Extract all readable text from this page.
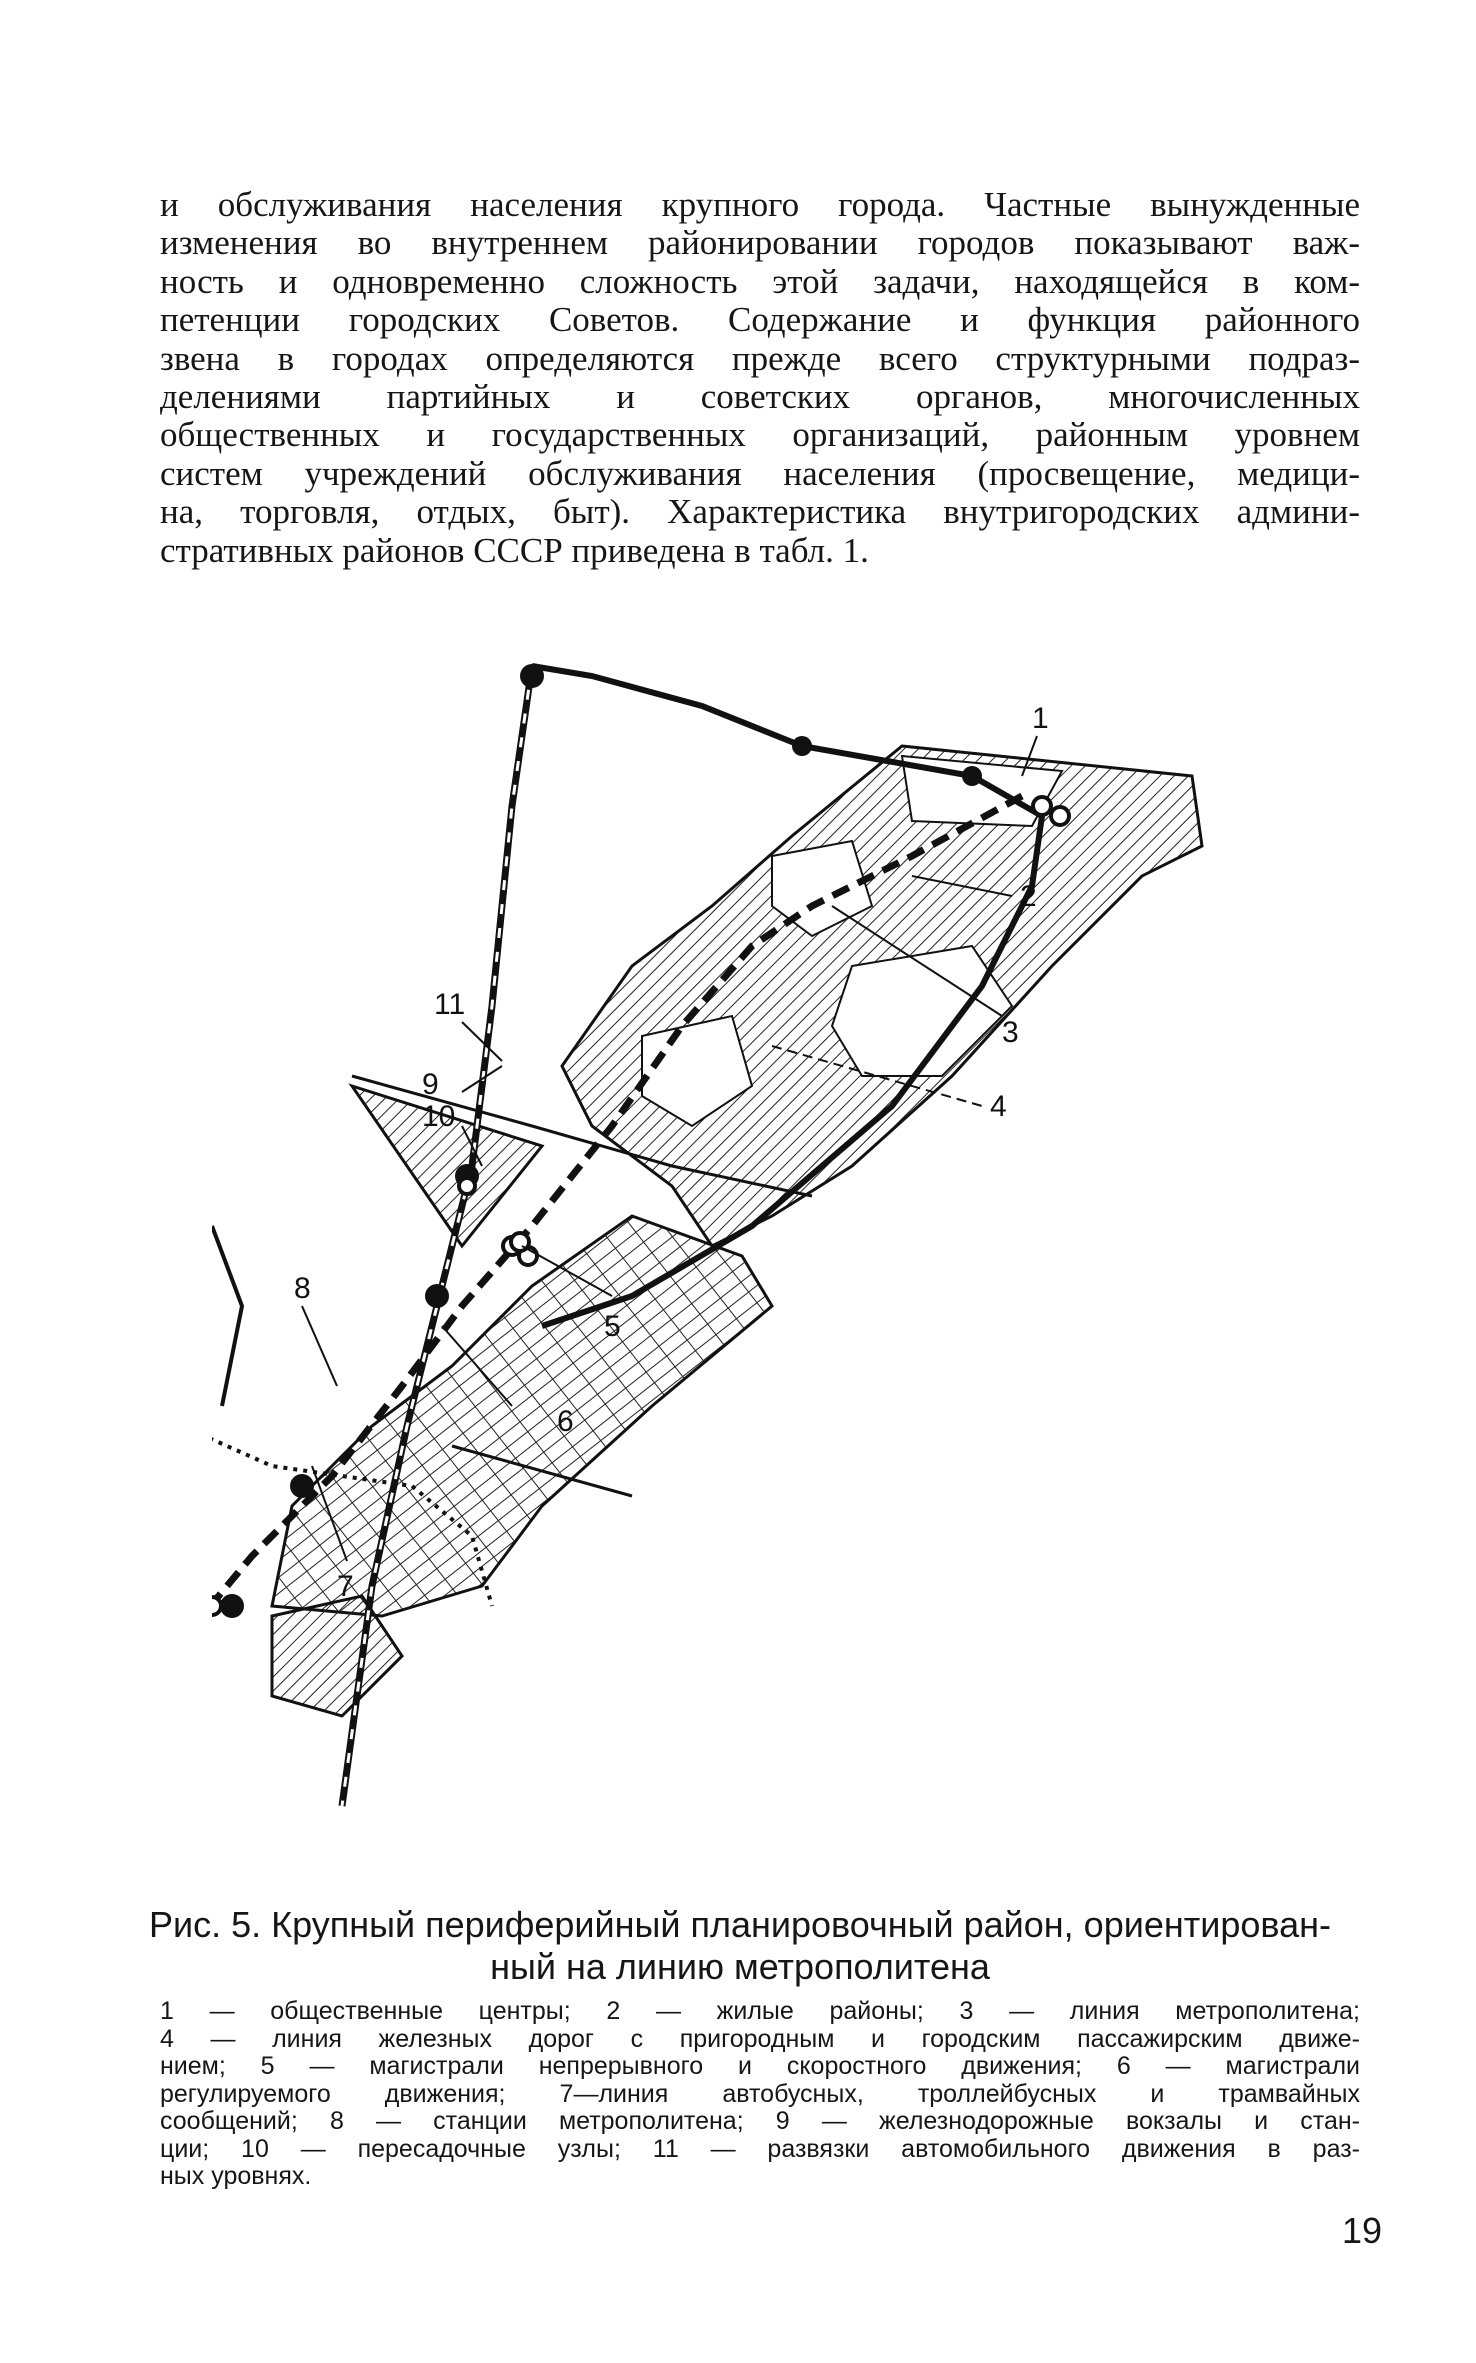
и обслуживания населения крупного города. Частные вынужденные
изменения во внутреннем районировании городов показывают важ-
ность и одновременно сложность этой задачи, находящейся в ком-
петенции городских Советов. Содержание и функция районного
звена в городах определяются прежде всего структурными подраз-
делениями партийных и советских органов, многочисленных
общественных и государственных организаций, районным уровнем
систем учреждений обслуживания населения (просвещение, медици-
на, торговля, отдых, быт). Характеристика внутригородских админи-
стративных районов СССР приведена в табл. 1.
1
2
3
4
5
6
7
8
9
10
11
Рис. 5. Крупный периферийный планировочный район, ориентирован-
ный на линию метрополитена
1 — общественные центры; 2 — жилые районы; 3 — линия метрополитена;
4 — линия железных дорог с пригородным и городским пассажирским движе-
нием; 5 — магистрали непрерывного и скоростного движения; 6 — магистрали
регулируемого движения; 7—линия автобусных, троллейбусных и трамвайных
сообщений; 8 — станции метрополитена; 9 — железнодорожные вокзалы и стан-
ции; 10 — пересадочные узлы; 11 — развязки автомобильного движения в раз-
ных уровнях.
19
